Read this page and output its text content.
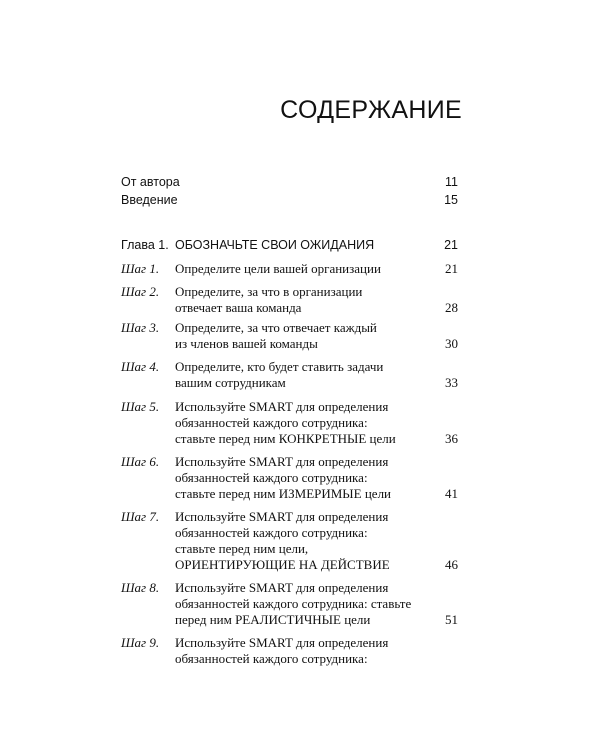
СОДЕРЖАНИЕ
От автора	11
Введение	15
Глава 1. ОБОЗНАЧЬТЕ СВОИ ОЖИДАНИЯ	21
Шаг 1. Определите цели вашей организации	21
Шаг 2. Определите, за что в организации
отвечает ваша команда	28
Шаг 3. Определите, за что отвечает каждый
из членов вашей команды	30
Шаг 4. Определите, кто будет ставить задачи
вашим сотрудникам	33
Шаг 5. Используйте SMART для определения
обязанностей каждого сотрудника:
ставьте перед ним КОНКРЕТНЫЕ цели	36
Шаг 6. Используйте SMART для определения
обязанностей каждого сотрудника:
ставьте перед ним ИЗМЕРИМЫЕ цели	41
Шаг 7. Используйте SMART для определения
обязанностей каждого сотрудника:
ставьте перед ним цели,
ОРИЕНТИРУЮЩИЕ НА ДЕЙСТВИЕ	46
Шаг 8. Используйте SMART для определения
обязанностей каждого сотрудника: ставьте
перед ним РЕАЛИСТИЧНЫЕ цели	51
Шаг 9. Используйте SMART для определения
обязанностей каждого сотрудника:
